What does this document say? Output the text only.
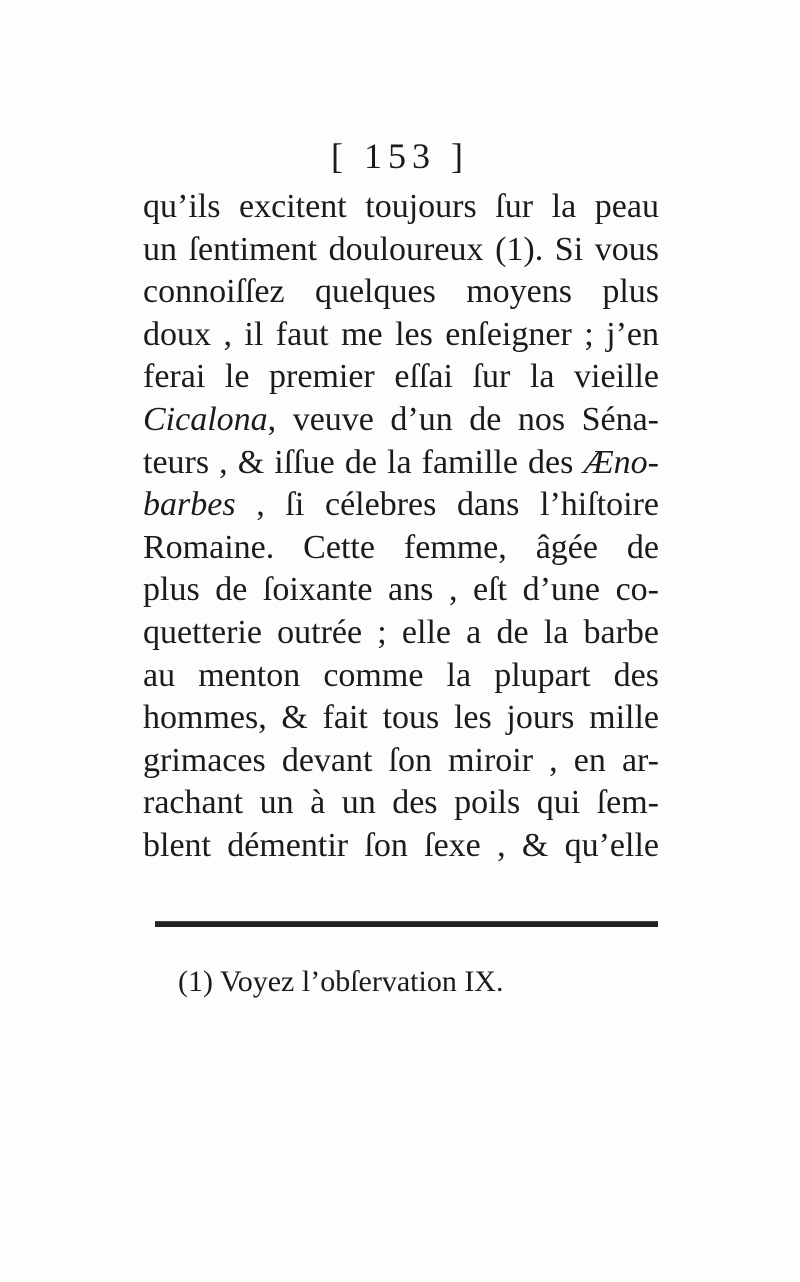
[ 153 ]
qu’ils excitent toujours ſur la peau
un ſentiment douloureux (1). Si vous
connoiſſez quelques moyens plus
doux , il faut me les enſeigner ; j’en
ferai le premier eſſai ſur la vieille
Cicalona, veuve d’un de nos Séna-
teurs , & iſſue de la famille des Æno-
barbes , ſi célebres dans l’hiſtoire
Romaine. Cette femme, âgée de
plus de ſoixante ans , eſt d’une co-
quetterie outrée ; elle a de la barbe
au menton comme la plupart des
hommes, & fait tous les jours mille
grimaces devant ſon miroir , en ar-
rachant un à un des poils qui ſem-
blent démentir ſon ſexe , & qu’elle
(1) Voyez l’obſervation IX.
